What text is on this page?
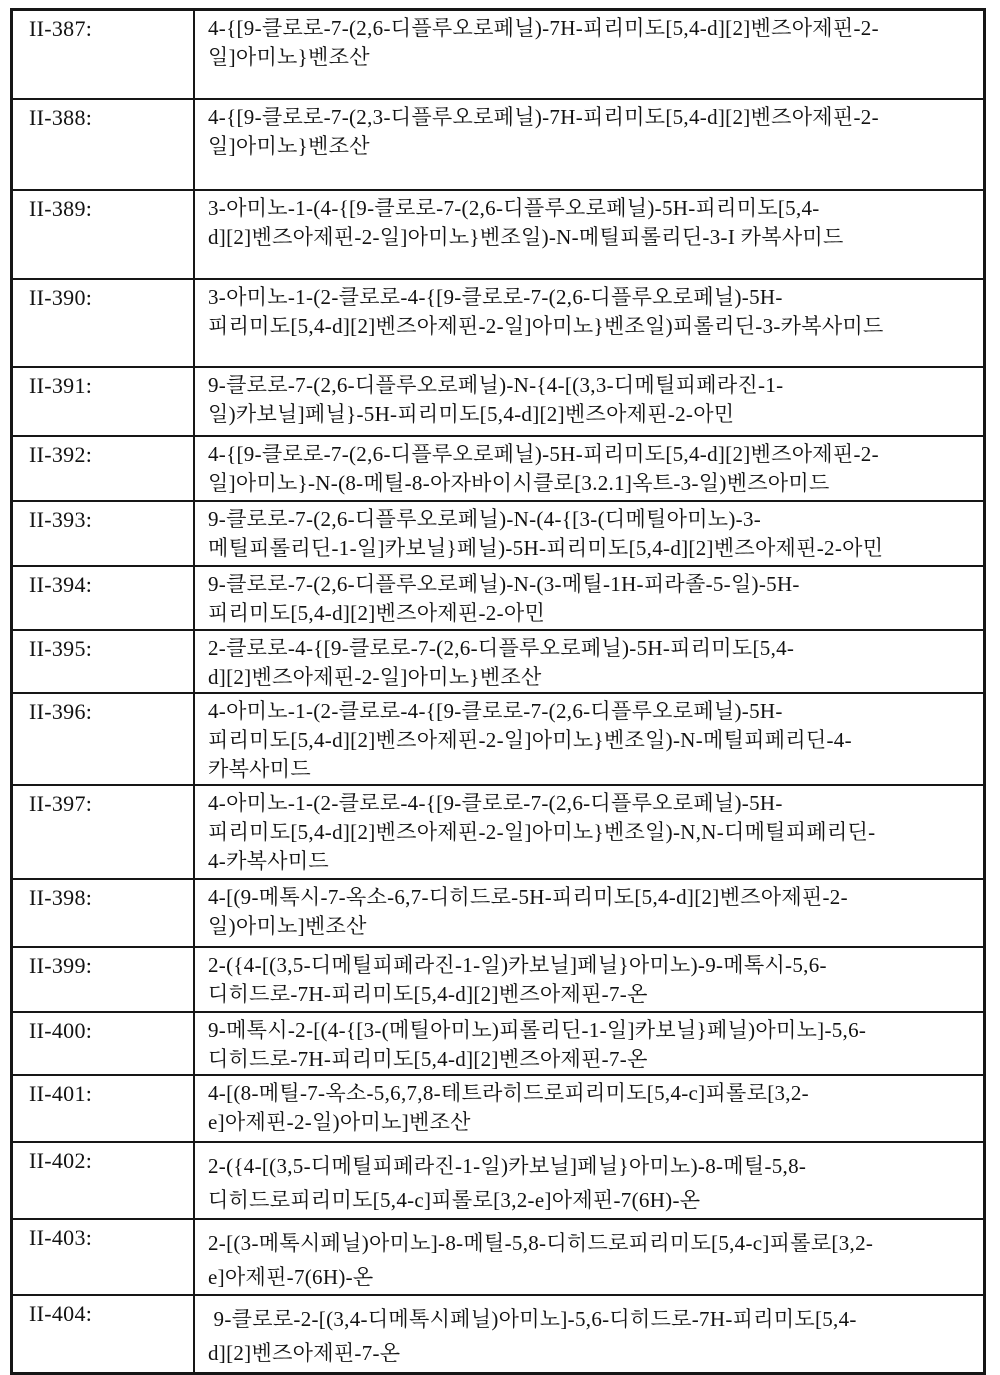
II-387:	4-{[9-클로로-7-(2,6-디플루오로페닐)-7H-피리미도[5,4-d][2]벤즈아제핀-2-
일]아미노}벤조산
II-388:	4-{[9-클로로-7-(2,3-디플루오로페닐)-7H-피리미도[5,4-d][2]벤즈아제핀-2-
일]아미노}벤조산
II-389:	3-아미노-1-(4-{[9-클로로-7-(2,6-디플루오로페닐)-5H-피리미도[5,4-
d][2]벤즈아제핀-2-일]아미노}벤조일)-N-메틸피롤리딘-3-I 카복사미드
II-390:	3-아미노-1-(2-클로로-4-{[9-클로로-7-(2,6-디플루오로페닐)-5H-
피리미도[5,4-d][2]벤즈아제핀-2-일]아미노}벤조일)피롤리딘-3-카복사미드
II-391:	9-클로로-7-(2,6-디플루오로페닐)-N-{4-[(3,3-디메틸피페라진-1-
일)카보닐]페닐}-5H-피리미도[5,4-d][2]벤즈아제핀-2-아민
II-392:	4-{[9-클로로-7-(2,6-디플루오로페닐)-5H-피리미도[5,4-d][2]벤즈아제핀-2-
일]아미노}-N-(8-메틸-8-아자바이시클로[3.2.1]옥트-3-일)벤즈아미드
II-393:	9-클로로-7-(2,6-디플루오로페닐)-N-(4-{[3-(디메틸아미노)-3-
메틸피롤리딘-1-일]카보닐}페닐)-5H-피리미도[5,4-d][2]벤즈아제핀-2-아민
II-394:	9-클로로-7-(2,6-디플루오로페닐)-N-(3-메틸-1H-피라졸-5-일)-5H-
피리미도[5,4-d][2]벤즈아제핀-2-아민
II-395:	2-클로로-4-{[9-클로로-7-(2,6-디플루오로페닐)-5H-피리미도[5,4-
d][2]벤즈아제핀-2-일]아미노}벤조산
II-396:	4-아미노-1-(2-클로로-4-{[9-클로로-7-(2,6-디플루오로페닐)-5H-
피리미도[5,4-d][2]벤즈아제핀-2-일]아미노}벤조일)-N-메틸피페리딘-4-
카복사미드
II-397:	4-아미노-1-(2-클로로-4-{[9-클로로-7-(2,6-디플루오로페닐)-5H-
피리미도[5,4-d][2]벤즈아제핀-2-일]아미노}벤조일)-N,N-디메틸피페리딘-
4-카복사미드
II-398:	4-[(9-메톡시-7-옥소-6,7-디히드로-5H-피리미도[5,4-d][2]벤즈아제핀-2-
일)아미노]벤조산
II-399:	2-({4-[(3,5-디메틸피페라진-1-일)카보닐]페닐}아미노)-9-메톡시-5,6-
디히드로-7H-피리미도[5,4-d][2]벤즈아제핀-7-온
II-400:	9-메톡시-2-[(4-{[3-(메틸아미노)피롤리딘-1-일]카보닐}페닐)아미노]-5,6-
디히드로-7H-피리미도[5,4-d][2]벤즈아제핀-7-온
II-401:	4-[(8-메틸-7-옥소-5,6,7,8-테트라히드로피리미도[5,4-c]피롤로[3,2-
e]아제핀-2-일)아미노]벤조산
II-402:	2-({4-[(3,5-디메틸피페라진-1-일)카보닐]페닐}아미노)-8-메틸-5,8-
디히드로피리미도[5,4-c]피롤로[3,2-e]아제핀-7(6H)-온
II-403:	2-[(3-메톡시페닐)아미노]-8-메틸-5,8-디히드로피리미도[5,4-c]피롤로[3,2-
e]아제핀-7(6H)-온
II-404:	9-클로로-2-[(3,4-디메톡시페닐)아미노]-5,6-디히드로-7H-피리미도[5,4-
d][2]벤즈아제핀-7-온
